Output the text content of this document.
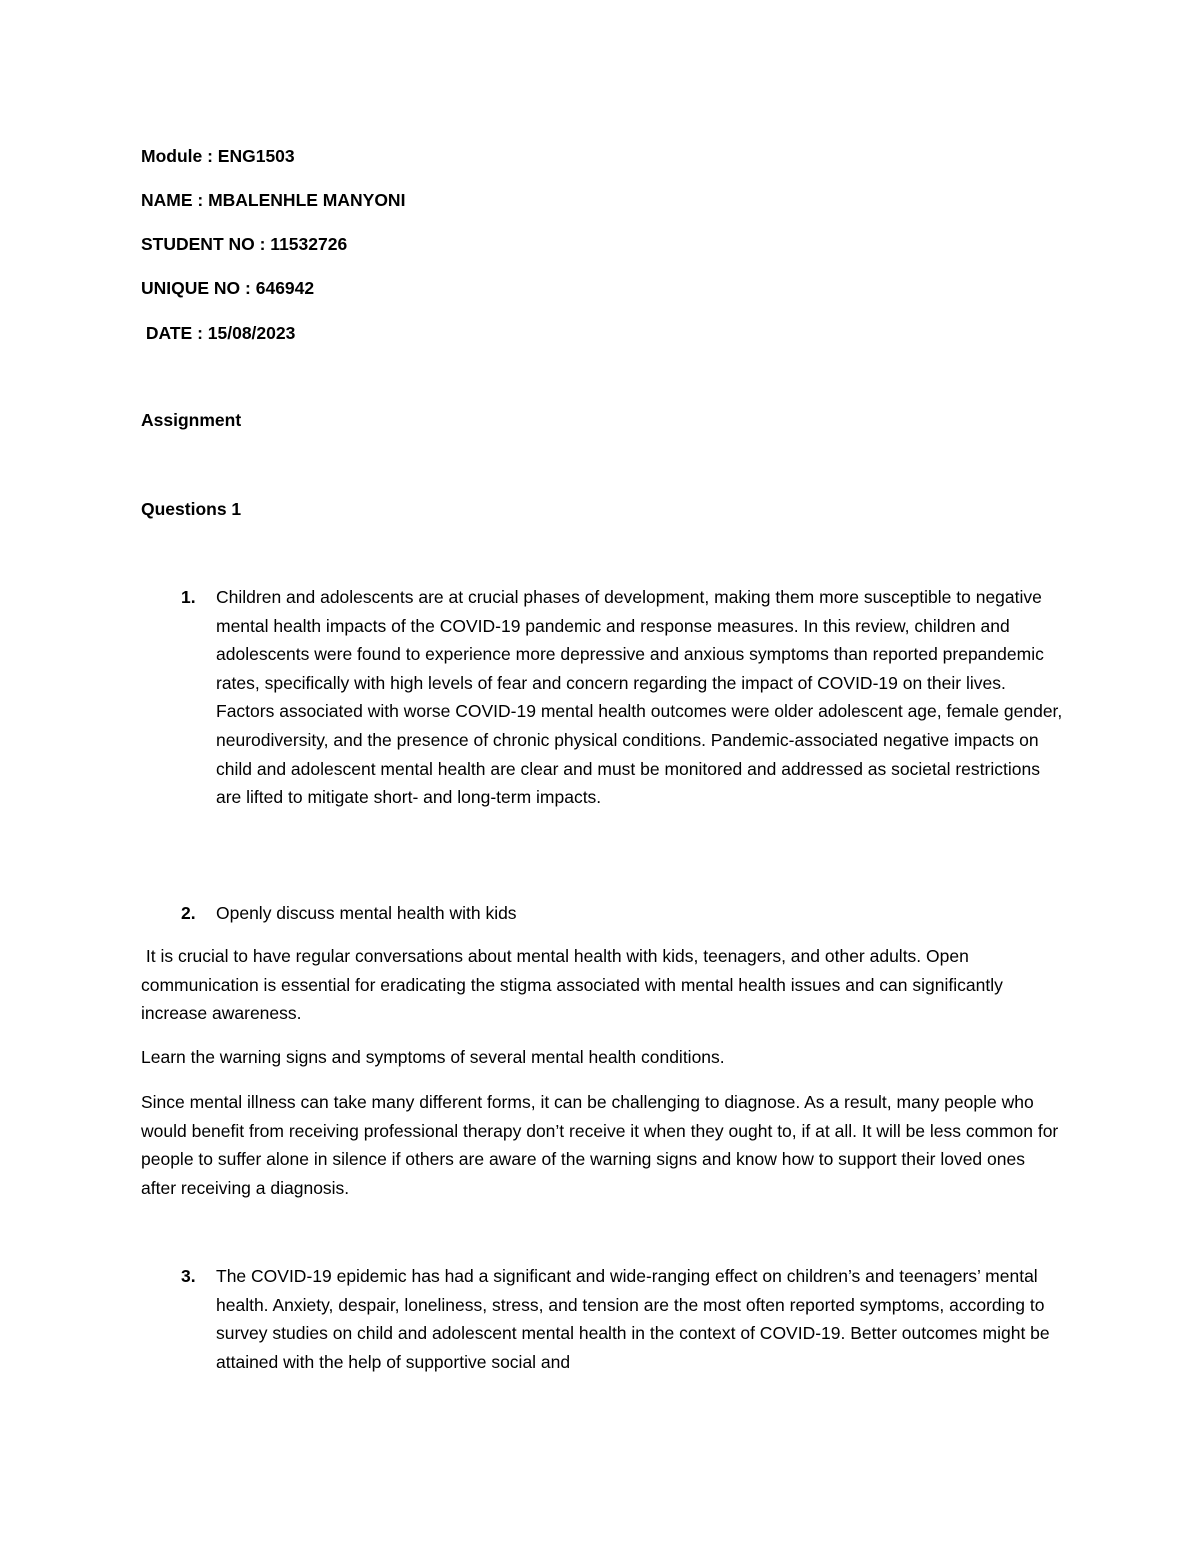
Module : ENG1503

NAME : MBALENHLE MANYONI

STUDENT NO : 11532726

UNIQUE NO : 646942

DATE : 15/08/2023

Assignment

Questions 1

1. Children and adolescents are at crucial phases of development, making them more susceptible to negative mental health impacts of the COVID-19 pandemic and response measures. In this review, children and adolescents were found to experience more depressive and anxious symptoms than reported prepandemic rates, specifically with high levels of fear and concern regarding the impact of COVID-19 on their lives. Factors associated with worse COVID-19 mental health outcomes were older adolescent age, female gender, neurodiversity, and the presence of chronic physical conditions. Pandemic-associated negative impacts on child and adolescent mental health are clear and must be monitored and addressed as societal restrictions are lifted to mitigate short- and long-term impacts.

2. Openly discuss mental health with kids

It is crucial to have regular conversations about mental health with kids, teenagers, and other adults. Open communication is essential for eradicating the stigma associated with mental health issues and can significantly increase awareness.

Learn the warning signs and symptoms of several mental health conditions.

Since mental illness can take many different forms, it can be challenging to diagnose. As a result, many people who would benefit from receiving professional therapy don’t receive it when they ought to, if at all. It will be less common for people to suffer alone in silence if others are aware of the warning signs and know how to support their loved ones after receiving a diagnosis.

3. The COVID-19 epidemic has had a significant and wide-ranging effect on children’s and teenagers’ mental health. Anxiety, despair, loneliness, stress, and tension are the most often reported symptoms, according to survey studies on child and adolescent mental health in the context of COVID-19. Better outcomes might be attained with the help of supportive social and
